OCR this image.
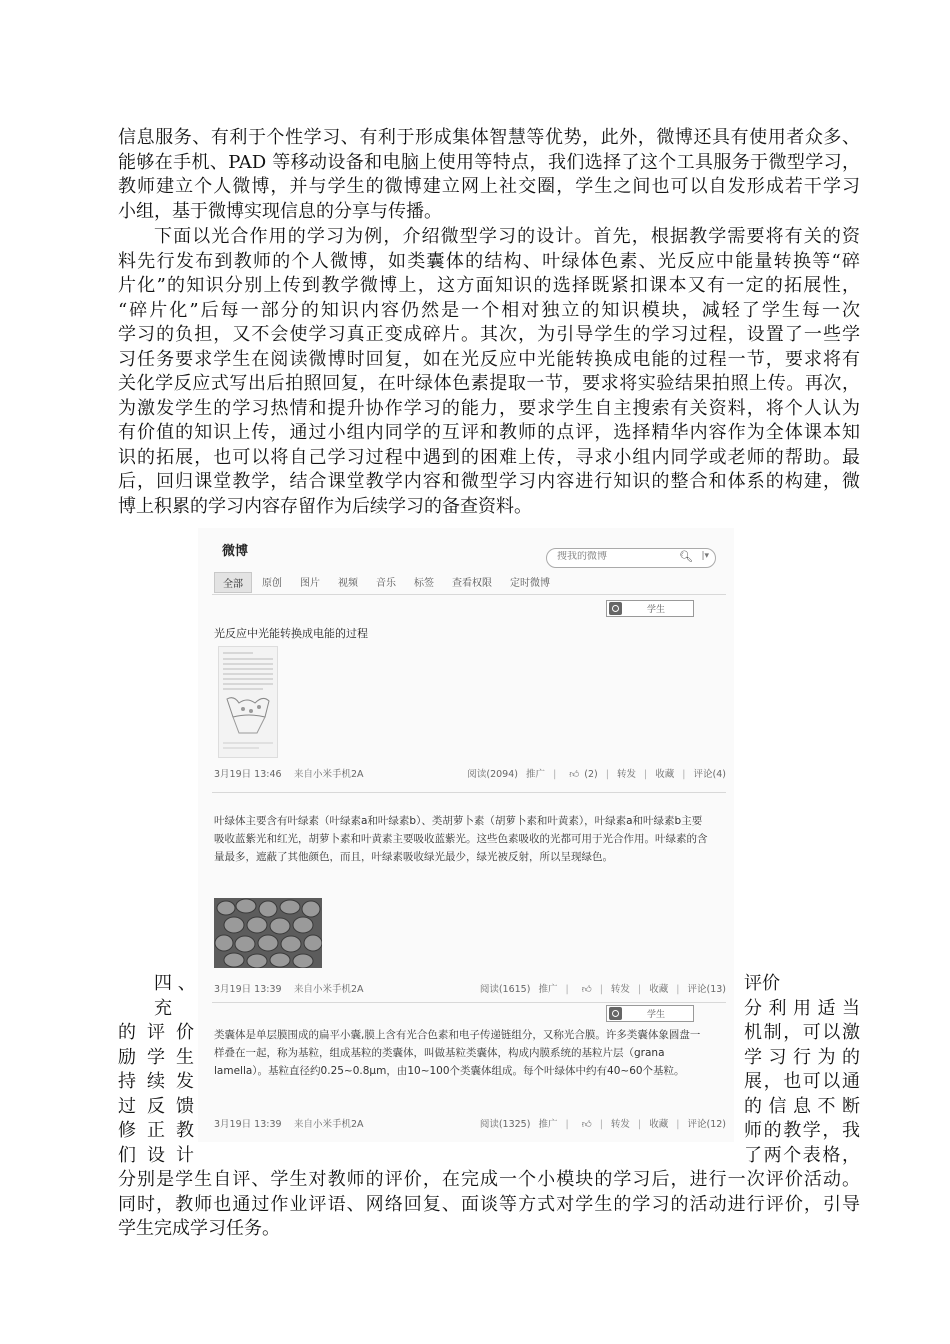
信息服务、有利于个性学习、有利于形成集体智慧等优势，此外，微博还具有使用者众多、
能够在手机、PAD 等移动设备和电脑上使用等特点，我们选择了这个工具服务于微型学习，
教师建立个人微博，并与学生的微博建立网上社交圈，学生之间也可以自发形成若干学习
小组，基于微博实现信息的分享与传播。
下面以光合作用的学习为例，介绍微型学习的设计。首先，根据教学需要将有关的资
料先行发布到教师的个人微博，如类囊体的结构、叶绿体色素、光反应中能量转换等“碎
片化”的知识分别上传到教学微博上，这方面知识的选择既紧扣课本又有一定的拓展性，
“碎片化”后每一部分的知识内容仍然是一个相对独立的知识模块，减轻了学生每一次
学习的负担，又不会使学习真正变成碎片。其次，为引导学生的学习过程，设置了一些学
习任务要求学生在阅读微博时回复，如在光反应中光能转换成电能的过程一节，要求将有
关化学反应式写出后拍照回复，在叶绿体色素提取一节，要求将实验结果拍照上传。再次，
为激发学生的学习热情和提升协作学习的能力，要求学生自主搜索有关资料，将个人认为
有价值的知识上传，通过小组内同学的互评和教师的点评，选择精华内容作为全体课本知
识的拓展，也可以将自己学习过程中遇到的困难上传，寻求小组内同学或老师的帮助。最
后，回归课堂教学，结合课堂教学内容和微型学习内容进行知识的整合和体系的构建，微
博上积累的学习内容存留作为后续学习的备查资料。
微博
搜我的微博	🔍︎ |▾
全部	原创	图片	视频	音乐	标签	查看权限	定时微博
学生
光反应中光能转换成电能的过程
3月19日 13:46 来自小米手机2A	阅读(2094) 推广 | 👍︎ (2) | 转发 | 收藏 | 评论(4)
叶绿体主要含有叶绿素（叶绿素a和叶绿素b）、类胡萝卜素（胡萝卜素和叶黄素），叶绿素a和叶绿素b主要吸收蓝紫光和红光，胡萝卜素和叶黄素主要吸收蓝紫光。这些色素吸收的光都可用于光合作用。叶绿素的含量最多，遮蔽了其他颜色，而且，叶绿素吸收绿光最少，绿光被反射，所以呈现绿色。
3月19日 13:39 来自小米手机2A	阅读(1615) 推广 | 👍︎ | 转发 | 收藏 | 评论(13)
学生
类囊体是单层膜围成的扁平小囊,膜上含有光合色素和电子传递链组分，又称光合膜。许多类囊体象圆盘一样叠在一起，称为基粒，组成基粒的类囊体，叫做基粒类囊体，构成内膜系统的基粒片层（grana lamella）。基粒直径约0.25~0.8μm，由10~100个类囊体组成。每个叶绿体中约有40~60个基粒。
3月19日 13:39 来自小米手机2A	阅读(1325) 推广 | 👍︎ | 转发 | 收藏 | 评论(12)
四 、
充
的 评 价
励 学 生
持 续 发
过 反 馈
修 正 教
们 设 计
评价
分利用适当
机制，可以激
学习行为的
展，也可以通
的信息不断
师的教学，我
了两个表格，
分别是学生自评、学生对教师的评价，在完成一个小模块的学习后，进行一次评价活动。
同时，教师也通过作业评语、网络回复、面谈等方式对学生的学习的活动进行评价，引导
学生完成学习任务。
